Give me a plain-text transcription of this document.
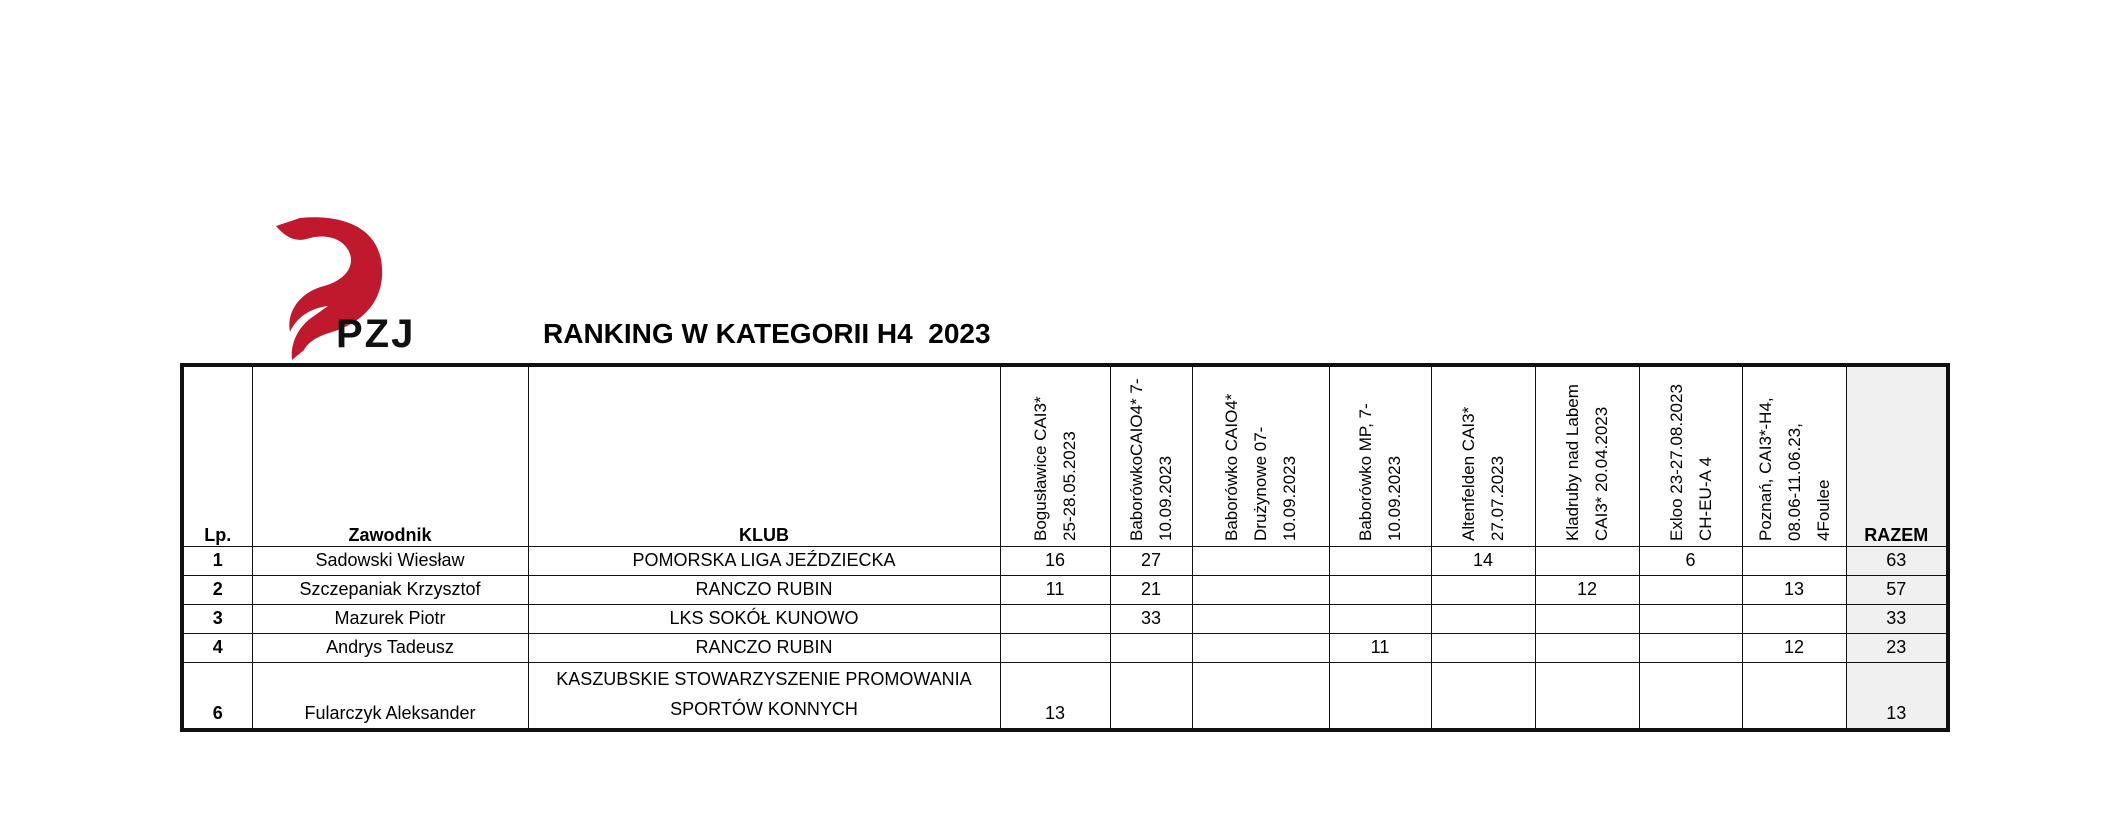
PZJ	RANKING W KATEGORII H4  2023
Lp.	Zawodnik	KLUB	Bogusławice CAI3* 25-28.05.2023	BaborówkoCAIO4* 7-10.09.2023	Baborówko CAIO4* Drużynowe 07-10.09.2023	Baborówko MP, 7-10.09.2023	Altenfelden CAI3* 27.07.2023	Kladruby nad Labem CAI3* 20.04.2023	Exloo 23-27.08.2023 CH-EU-A 4	Poznań, CAI3*-H4, 08.06-11.06.23, 4Foulee	RAZEM
1	Sadowski Wiesław	POMORSKA LIGA JEŹDZIECKA	16	27			14		6		63
2	Szczepaniak Krzysztof	RANCZO RUBIN	11	21				12		13	57
3	Mazurek Piotr	LKS SOKÓŁ KUNOWO		33							33
4	Andrys Tadeusz	RANCZO RUBIN				11				12	23
6	Fularczyk Aleksander	KASZUBSKIE STOWARZYSZENIE PROMOWANIA SPORTÓW KONNYCH	13								13
